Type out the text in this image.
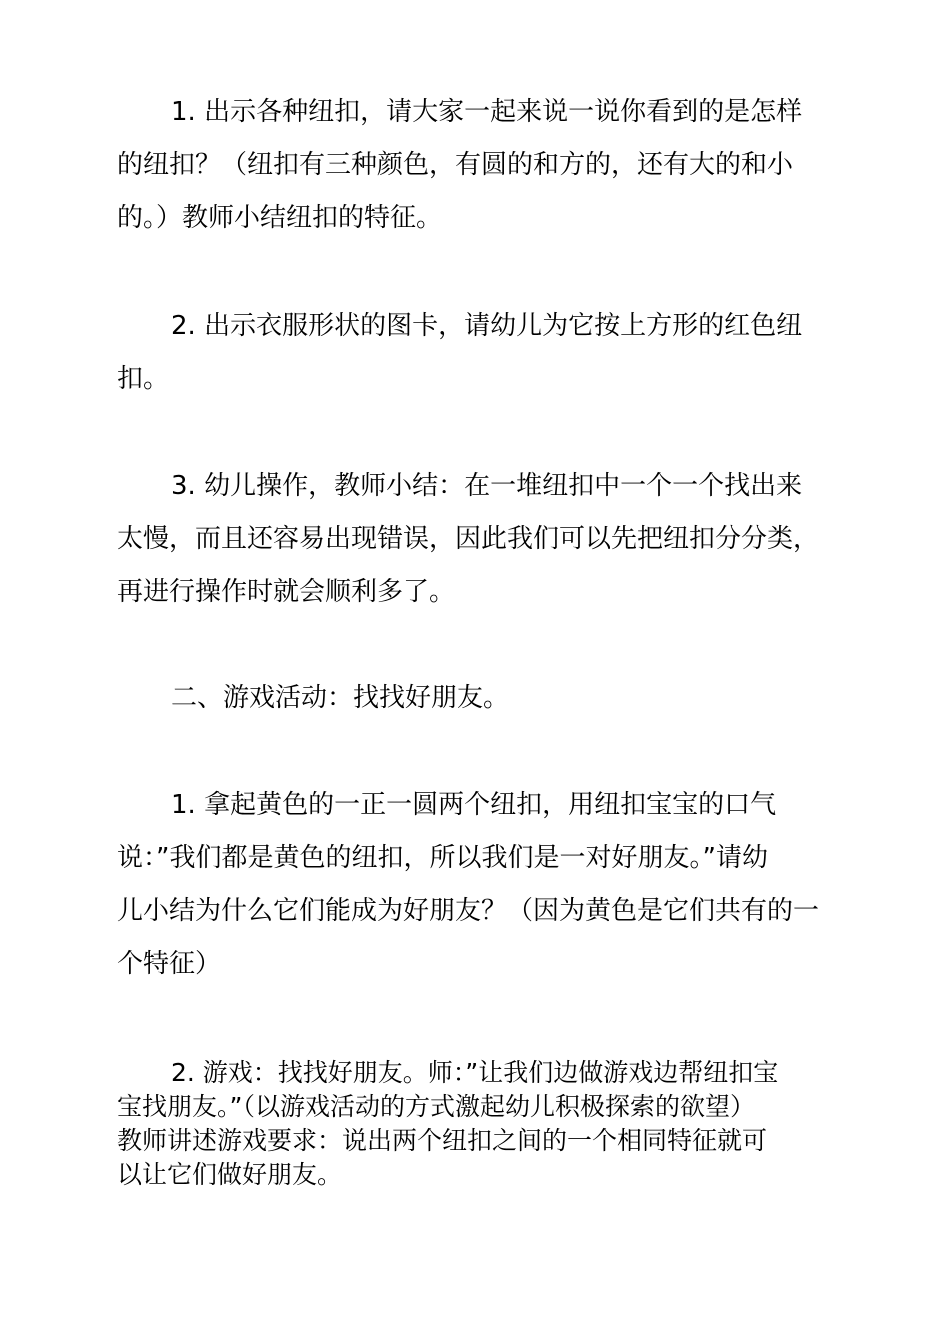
1. 出示各种纽扣，请大家一起来说一说你看到的是怎样
的纽扣？（纽扣有三种颜色，有圆的和方的，还有大的和小
的。）教师小结纽扣的特征。
2. 出示衣服形状的图卡，请幼儿为它按上方形的红色纽
扣。
3. 幼儿操作，教师小结：在一堆纽扣中一个一个找出来
太慢，而且还容易出现错误，因此我们可以先把纽扣分分类，
再进行操作时就会顺利多了。
二、游戏活动：找找好朋友。
1. 拿起黄色的一正一圆两个纽扣，用纽扣宝宝的口气
说：”我们都是黄色的纽扣，所以我们是一对好朋友。”请幼
儿小结为什么它们能成为好朋友？（因为黄色是它们共有的一
个特征）
2. 游戏：找找好朋友。师：”让我们边做游戏边帮纽扣宝
宝找朋友。”（以游戏活动的方式激起幼儿积极探索的欲望）
教师讲述游戏要求：说出两个纽扣之间的一个相同特征就可
以让它们做好朋友。
